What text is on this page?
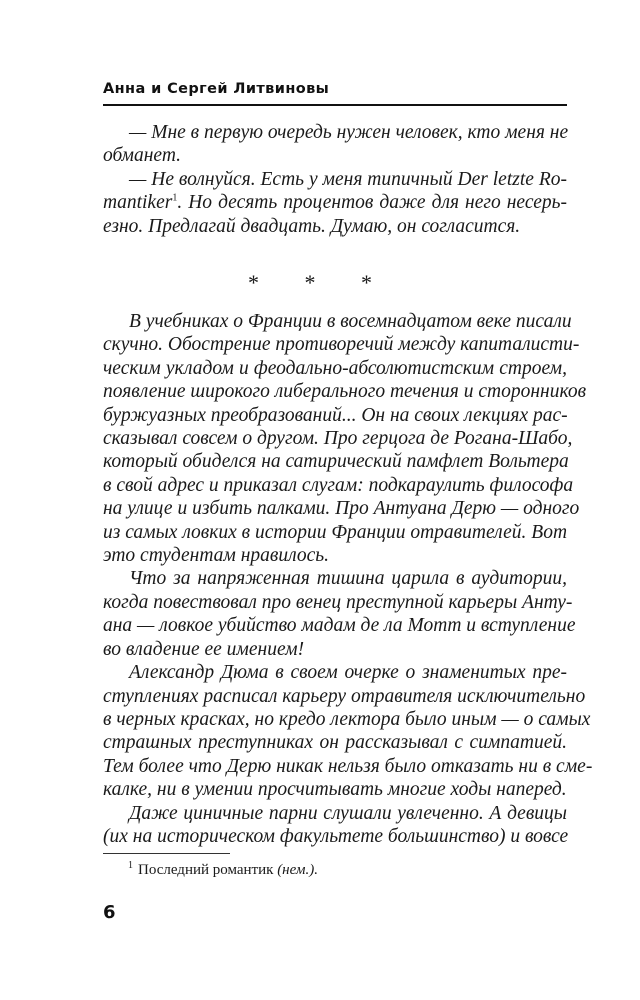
Анна и Сергей Литвиновы
— Мне в первую очередь нужен человек, кто меня не
обманет.
— Не волнуйся. Есть у меня типичный Der letzte Ro-
mantiker$^1$. Но десять процентов даже для него несерь-
езно. Предлагай двадцать. Думаю, он согласится.
* * *
В учебниках о Франции в восемнадцатом веке писали
скучно. Обострение противоречий между капиталисти-
ческим укладом и феодально-абсолютистским строем,
появление широкого либерального течения и сторонников
буржуазных преобразований... Он на своих лекциях рас-
сказывал совсем о другом. Про герцога де Рогана-Шабо,
который обиделся на сатирический памфлет Вольтера
в свой адрес и приказал слугам: подкараулить философа
на улице и избить палками. Про Антуана Дерю — одного
из самых ловких в истории Франции отравителей. Вот
это студентам нравилось.
Что за напряженная тишина царила в аудитории,
когда повествовал про венец преступной карьеры Анту-
ана — ловкое убийство мадам де ла Мотт и вступление
во владение ее имением!
Александр Дюма в своем очерке о знаменитых пре-
ступлениях расписал карьеру отравителя исключительно
в черных красках, но кредо лектора было иным — о самых
страшных преступниках он рассказывал с симпатией.
Тем более что Дерю никак нельзя было отказать ни в сме-
калке, ни в умении просчитывать многие ходы наперед.
Даже циничные парни слушали увлеченно. А девицы
(их на историческом факультете большинство) и вовсе
$^1$ Последний романтик (нем.).
6
